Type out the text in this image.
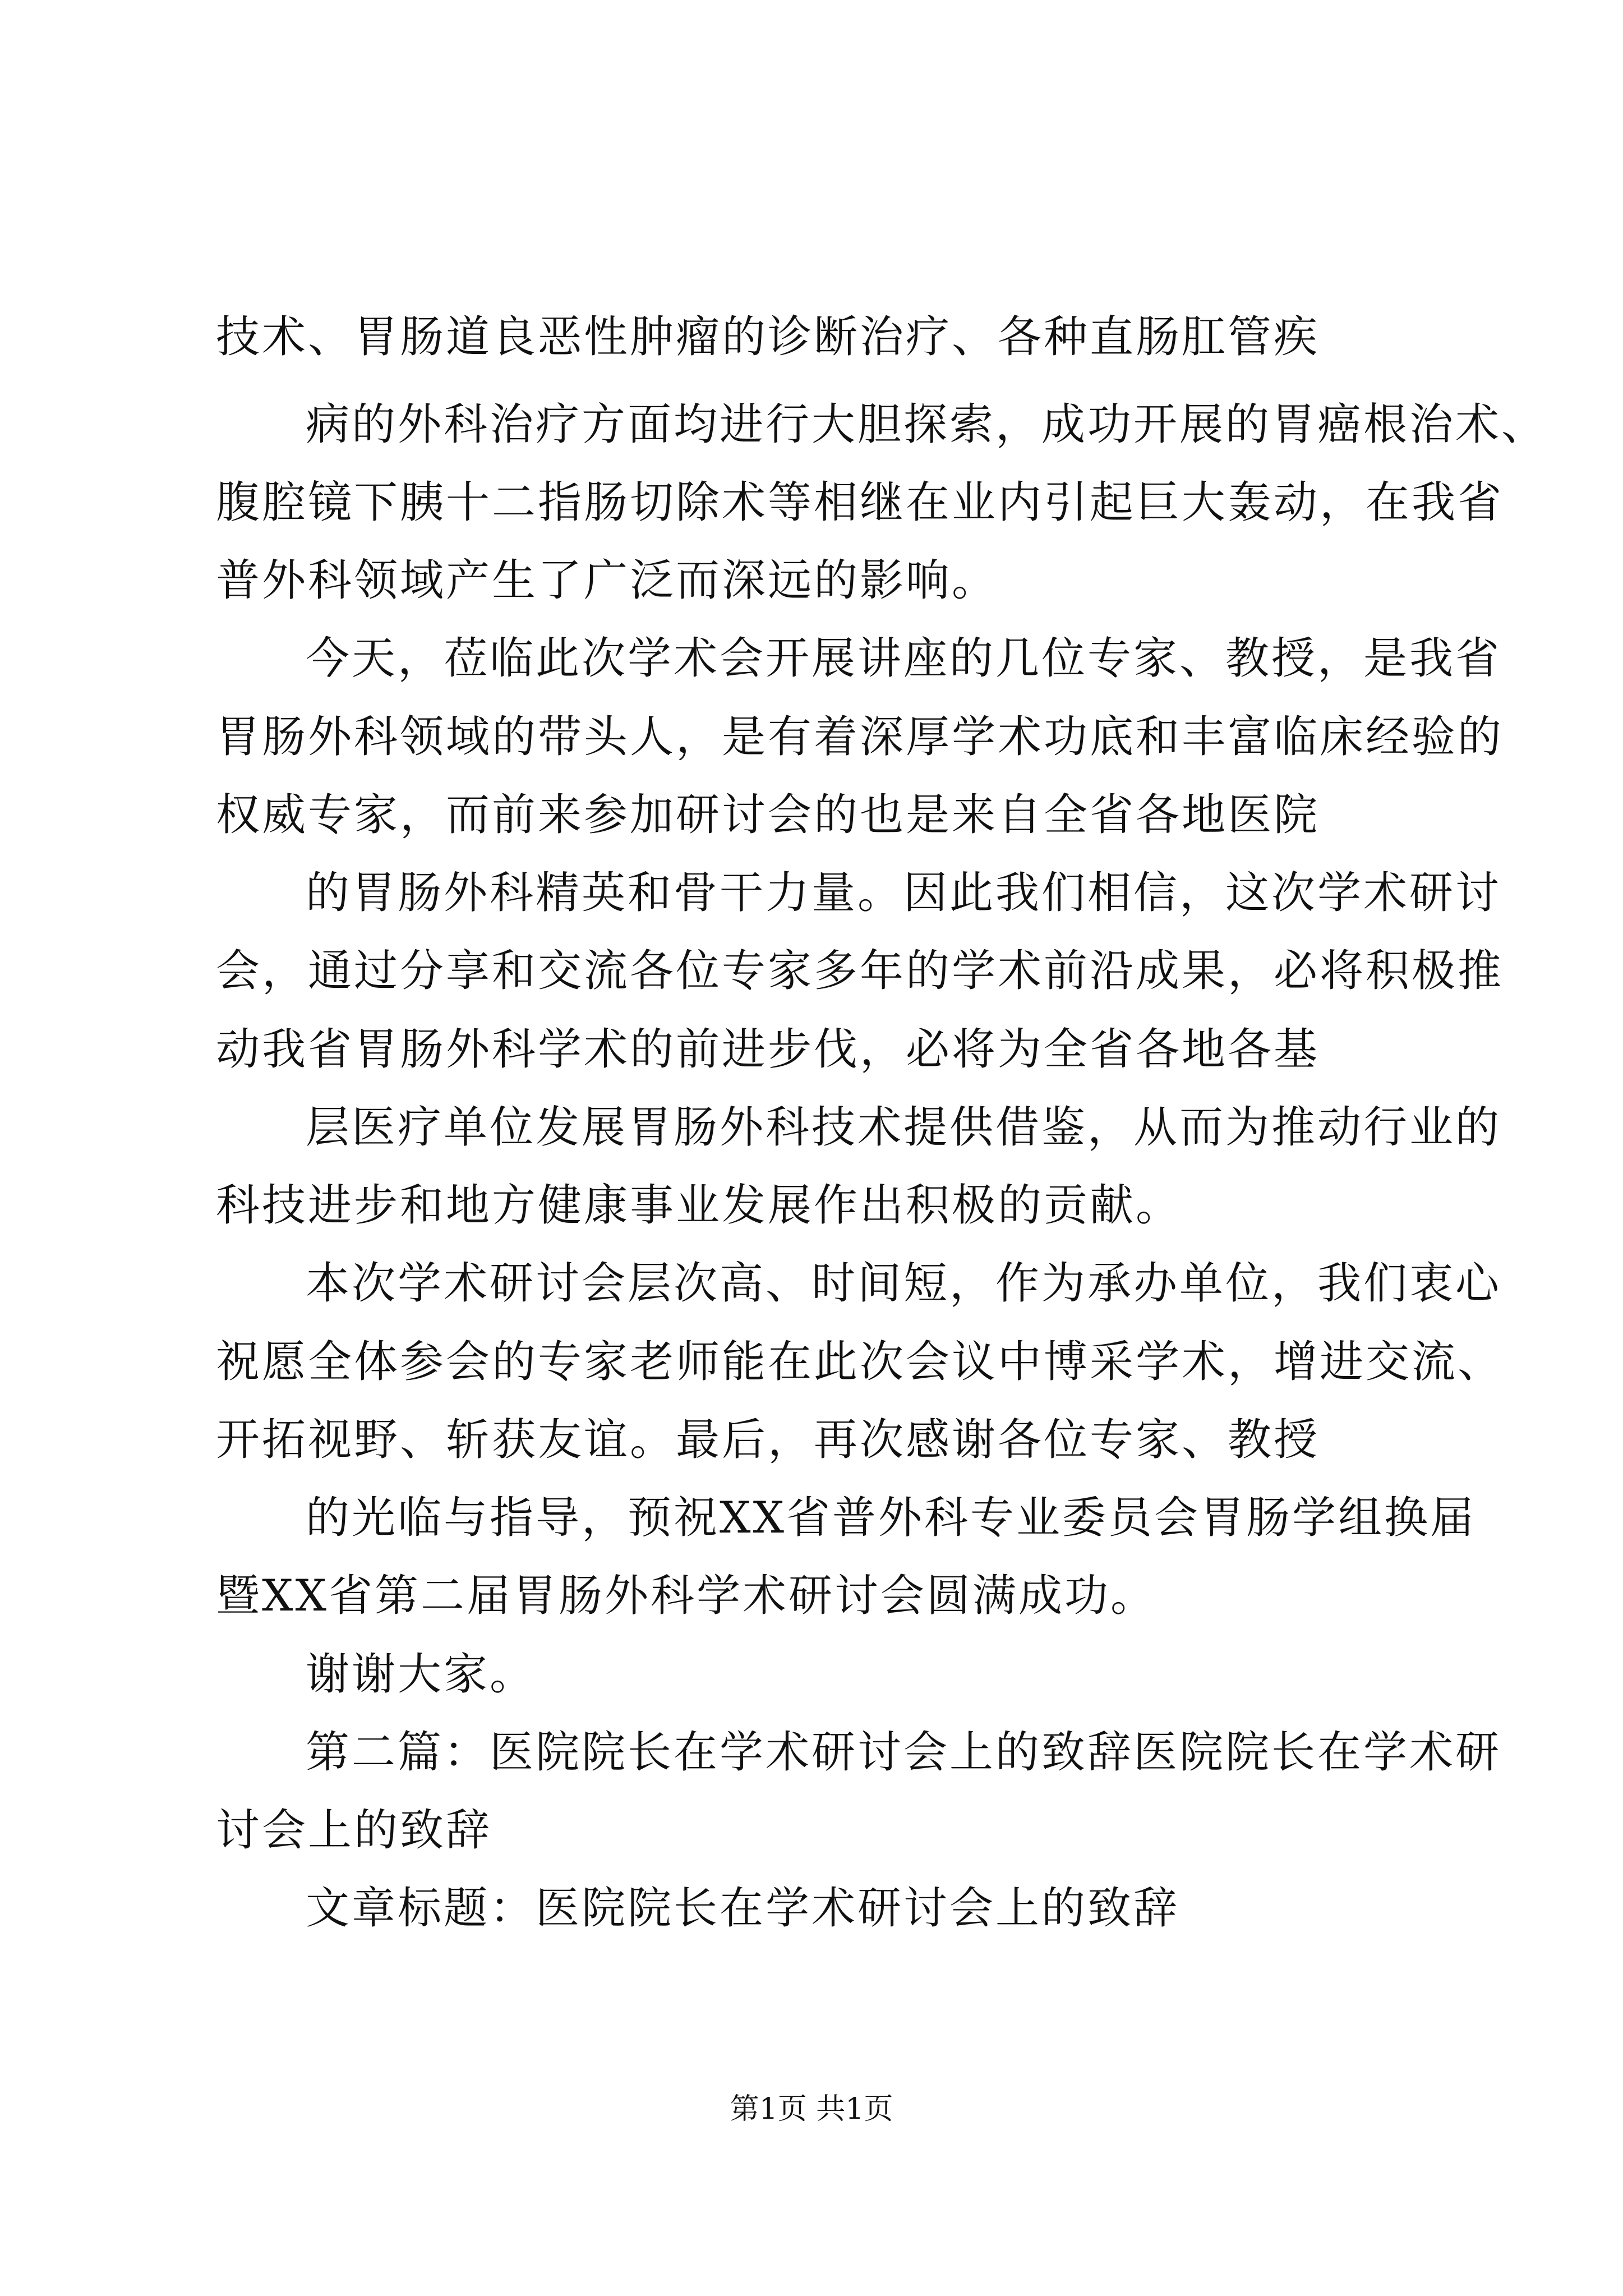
技术、胃肠道良恶性肿瘤的诊断治疗、各种直肠肛管疾
病的外科治疗方面均进行大胆探索，成功开展的胃癌根治术、
腹腔镜下胰十二指肠切除术等相继在业内引起巨大轰动，在我省
普外科领域产生了广泛而深远的影响。
今天，莅临此次学术会开展讲座的几位专家、教授，是我省
胃肠外科领域的带头人，是有着深厚学术功底和丰富临床经验的
权威专家，而前来参加研讨会的也是来自全省各地医院
的胃肠外科精英和骨干力量。因此我们相信，这次学术研讨
会，通过分享和交流各位专家多年的学术前沿成果，必将积极推
动我省胃肠外科学术的前进步伐，必将为全省各地各基
层医疗单位发展胃肠外科技术提供借鉴，从而为推动行业的
科技进步和地方健康事业发展作出积极的贡献。
本次学术研讨会层次高、时间短，作为承办单位，我们衷心
祝愿全体参会的专家老师能在此次会议中博采学术，增进交流、
开拓视野、斩获友谊。最后，再次感谢各位专家、教授
的光临与指导，预祝XX省普外科专业委员会胃肠学组换届
暨XX省第二届胃肠外科学术研讨会圆满成功。
谢谢大家。
第二篇：医院院长在学术研讨会上的致辞医院院长在学术研
讨会上的致辞
文章标题：医院院长在学术研讨会上的致辞
第1页 共1页
